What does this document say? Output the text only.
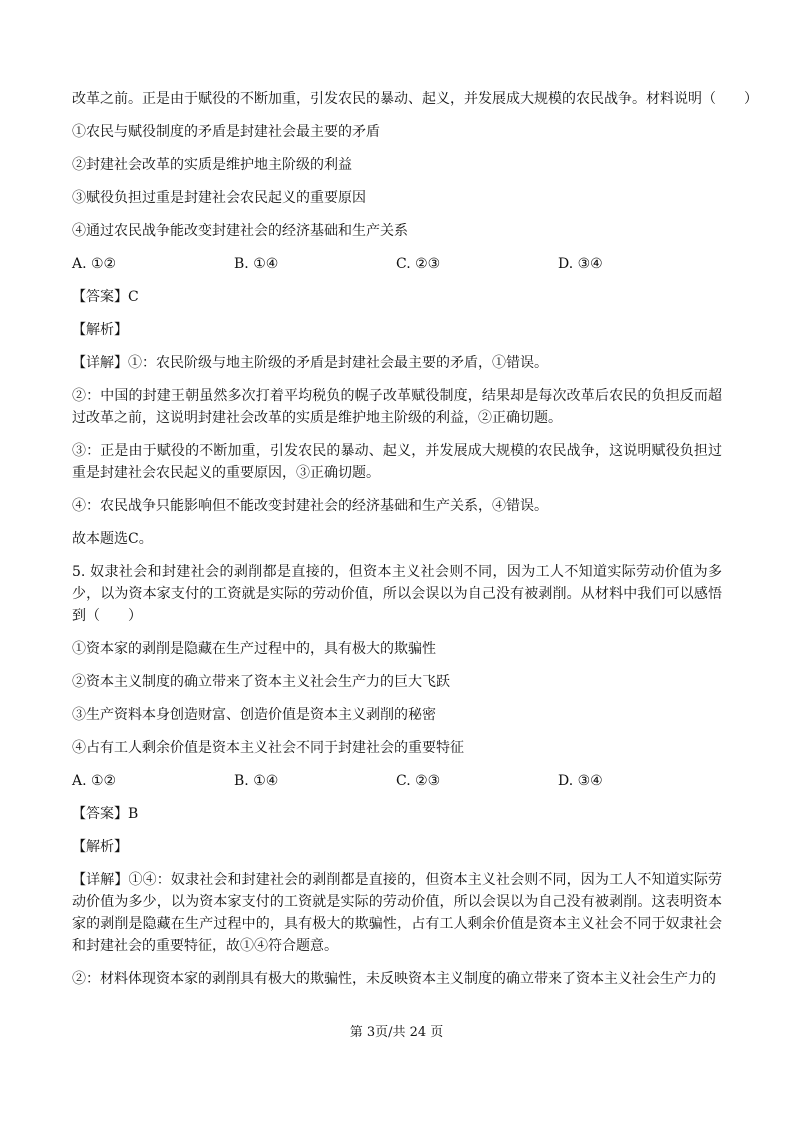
改革之前。正是由于赋役的不断加重，引发农民的暴动、起义，并发展成大规模的农民战争。材料说明（　　）
①农民与赋役制度的矛盾是封建社会最主要的矛盾
②封建社会改革的实质是维护地主阶级的利益
③赋役负担过重是封建社会农民起义的重要原因
④通过农民战争能改变封建社会的经济基础和生产关系
A. ①②	B. ①④	C. ②③	D. ③④
【答案】C
【解析】
【详解】①：农民阶级与地主阶级的矛盾是封建社会最主要的矛盾，①错误。
②：中国的封建王朝虽然多次打着平均税负的幌子改革赋役制度，结果却是每次改革后农民的负担反而超过改革之前，这说明封建社会改革的实质是维护地主阶级的利益，②正确切题。
③：正是由于赋役的不断加重，引发农民的暴动、起义，并发展成大规模的农民战争，这说明赋役负担过重是封建社会农民起义的重要原因，③正确切题。
④：农民战争只能影响但不能改变封建社会的经济基础和生产关系，④错误。
故本题选C。
5. 奴隶社会和封建社会的剥削都是直接的，但资本主义社会则不同，因为工人不知道实际劳动价值为多少，以为资本家支付的工资就是实际的劳动价值，所以会误以为自己没有被剥削。从材料中我们可以感悟到（　　）
①资本家的剥削是隐藏在生产过程中的，具有极大的欺骗性
②资本主义制度的确立带来了资本主义社会生产力的巨大飞跃
③生产资料本身创造财富、创造价值是资本主义剥削的秘密
④占有工人剩余价值是资本主义社会不同于封建社会的重要特征
A. ①②	B. ①④	C. ②③	D. ③④
【答案】B
【解析】
【详解】①④：奴隶社会和封建社会的剥削都是直接的，但资本主义社会则不同，因为工人不知道实际劳动价值为多少，以为资本家支付的工资就是实际的劳动价值，所以会误以为自己没有被剥削。这表明资本家的剥削是隐藏在生产过程中的，具有极大的欺骗性，占有工人剩余价值是资本主义社会不同于奴隶社会和封建社会的重要特征，故①④符合题意。
②：材料体现资本家的剥削具有极大的欺骗性，未反映资本主义制度的确立带来了资本主义社会生产力的
第 3页/共 24 页
